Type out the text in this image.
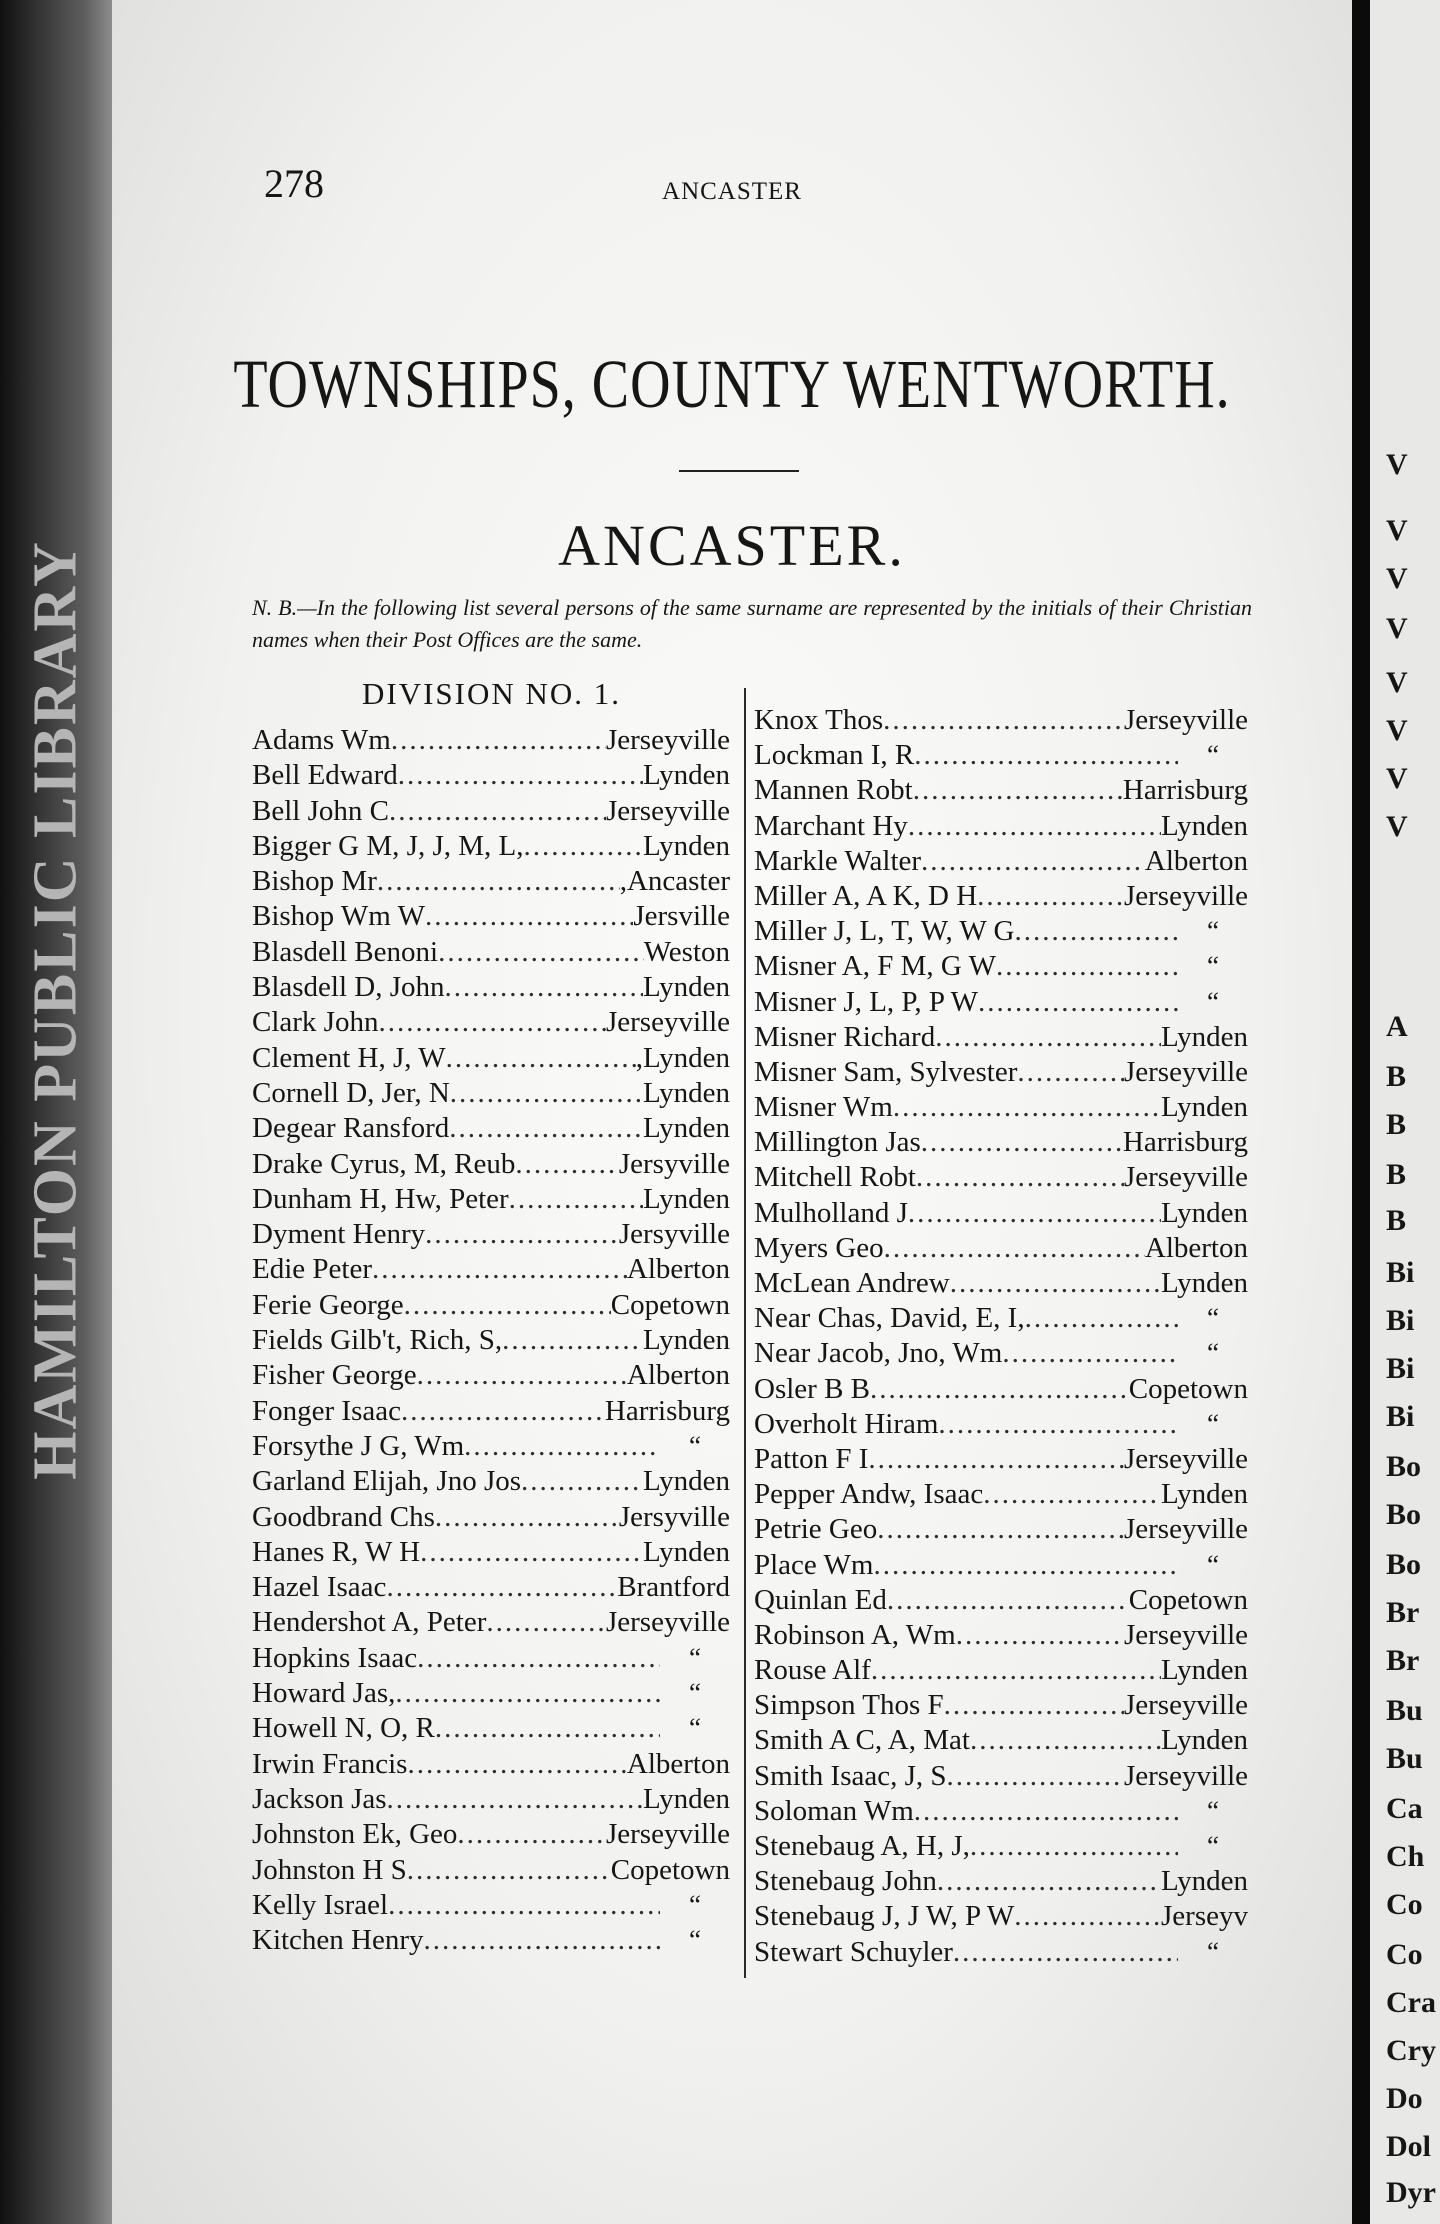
HAMILTON PUBLIC LIBRARY
278	ANCASTER
TOWNSHIPS, COUNTY WENTWORTH.
ANCASTER.
N. B.—In the following list several persons of the same surname are represented by the initials of their Christian names when their Post Offices are the same.
DIVISION NO. 1.
Adams Wm .....	Jerseyville
Bell Edward .....	Lynden
Bell John C .....	Jerseyville
Bigger G M, J, J, M, L, .....	Lynden
Bishop Mr .....	,Ancaster
Bishop Wm W .....	Jersville
Blasdell Benoni .....	Weston
Blasdell D, John .....	Lynden
Clark John .....	Jerseyville
Clement H, J, W .....	,Lynden
Cornell D, Jer, N .....	Lynden
Degear Ransford .....	Lynden
Drake Cyrus, M, Reub .....	Jersyville
Dunham H, Hw, Peter .....	Lynden
Dyment Henry .....	Jersyville
Edie Peter .....	Alberton
Ferie George .....	Copetown
Fields Gilb't, Rich, S, .....	Lynden
Fisher George .....	Alberton
Fonger Isaac .....	Harrisburg
Forsythe J G, Wm .....	“
Garland Elijah, Jno Jos .....	Lynden
Goodbrand Chs .....	Jersyville
Hanes R, W H .....	Lynden
Hazel Isaac .....	Brantford
Hendershot A, Peter .....	Jerseyville
Hopkins Isaac .....	“
Howard Jas, .....	“
Howell N, O, R .....	“
Irwin Francis .....	Alberton
Jackson Jas .....	Lynden
Johnston Ek, Geo .....	Jerseyville
Johnston H S .....	Copetown
Kelly Israel .....	“
Kitchen Henry .....	“
Knox Thos .....	Jerseyville
Lockman I, R .....	“
Mannen Robt .....	Harrisburg
Marchant Hy .....	Lynden
Markle Walter .....	Alberton
Miller A, A K, D H .....	Jerseyville
Miller J, L, T, W, W G .....	“
Misner A, F M, G W .....	“
Misner J, L, P, P W .....	“
Misner Richard .....	Lynden
Misner Sam, Sylvester .....	Jerseyville
Misner Wm .....	Lynden
Millington Jas .....	Harrisburg
Mitchell Robt .....	Jerseyville
Mulholland J .....	Lynden
Myers Geo .....	Alberton
McLean Andrew .....	Lynden
Near Chas, David, E, I, .....	“
Near Jacob, Jno, Wm .....	“
Osler B B .....	Copetown
Overholt Hiram .....	“
Patton F I .....	Jerseyville
Pepper Andw, Isaac .....	Lynden
Petrie Geo .....	Jerseyville
Place Wm .....	“
Quinlan Ed .....	Copetown
Robinson A, Wm .....	Jerseyville
Rouse Alf .....	Lynden
Simpson Thos F .....	Jerseyville
Smith A C, A, Mat .....	Lynden
Smith Isaac, J, S .....	Jerseyville
Soloman Wm .....	“
Stenebaug A, H, J, .....	“
Stenebaug John .....	Lynden
Stenebaug J, J W, P W .....	Jerseyv
Stewart Schuyler .....	“
V
V
V
V
V
V
V
V
A
B
B
B
B
Bi
Bi
Bi
Bi
Bo
Bo
Bo
Br
Br
Bu
Bu
Ca
Ch
Co
Co
Cra
Cry
Do
Dol
Dyr
